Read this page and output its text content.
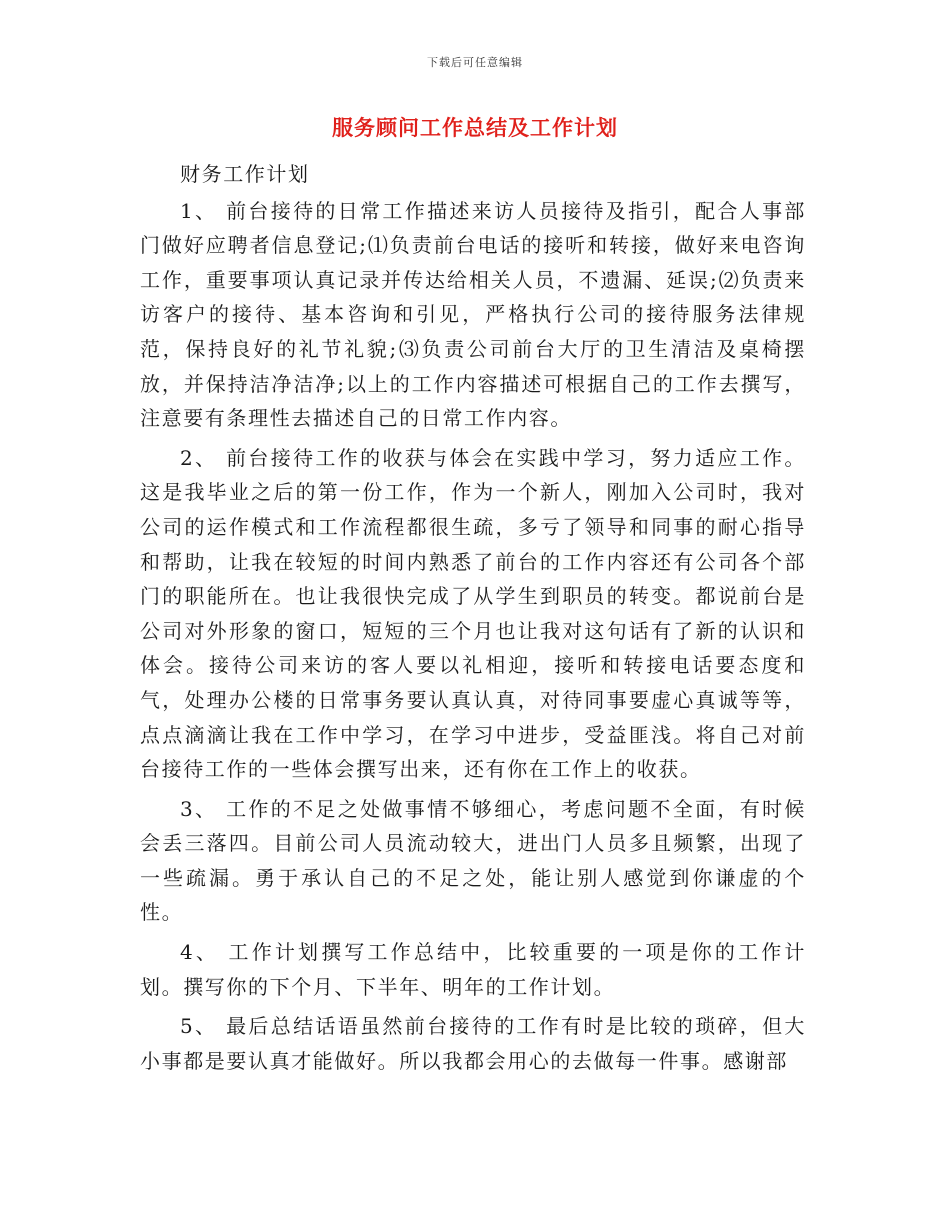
下载后可任意编辑
服务顾问工作总结及工作计划

财务工作计划

1、 前台接待的日常工作描述来访人员接待及指引，配合人事部门做好应聘者信息登记;⑴负责前台电话的接听和转接，做好来电咨询工作，重要事项认真记录并传达给相关人员，不遗漏、延误;⑵负责来访客户的接待、基本咨询和引见，严格执行公司的接待服务法律规范，保持良好的礼节礼貌;⑶负责公司前台大厅的卫生清洁及桌椅摆放，并保持洁净洁净;以上的工作内容描述可根据自己的工作去撰写，注意要有条理性去描述自己的日常工作内容。

2、 前台接待工作的收获与体会在实践中学习，努力适应工作。这是我毕业之后的第一份工作，作为一个新人，刚加入公司时，我对公司的运作模式和工作流程都很生疏，多亏了领导和同事的耐心指导和帮助，让我在较短的时间内熟悉了前台的工作内容还有公司各个部门的职能所在。也让我很快完成了从学生到职员的转变。都说前台是公司对外形象的窗口，短短的三个月也让我对这句话有了新的认识和体会。接待公司来访的客人要以礼相迎，接听和转接电话要态度和气，处理办公楼的日常事务要认真认真，对待同事要虚心真诚等等，点点滴滴让我在工作中学习，在学习中进步，受益匪浅。将自己对前台接待工作的一些体会撰写出来，还有你在工作上的收获。

3、 工作的不足之处做事情不够细心，考虑问题不全面，有时候会丢三落四。目前公司人员流动较大，进出门人员多且频繁，出现了一些疏漏。勇于承认自己的不足之处，能让别人感觉到你谦虚的个性。

4、 工作计划撰写工作总结中，比较重要的一项是你的工作计划。撰写你的下个月、下半年、明年的工作计划。

5、 最后总结话语虽然前台接待的工作有时是比较的琐碎，但大小事都是要认真才能做好。所以我都会用心的去做每一件事。感谢部
